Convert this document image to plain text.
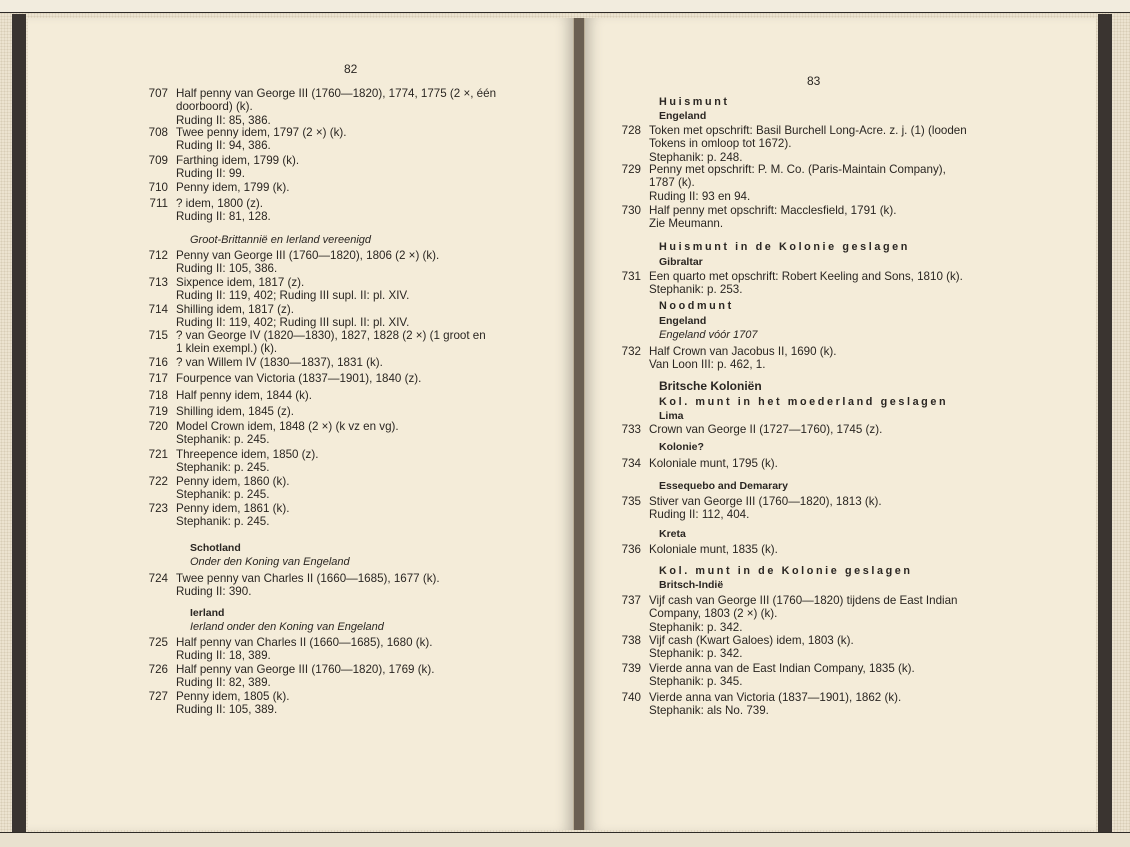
82
707 Half penny van George III (1760—1820), 1774, 1775 (2 ×, één
doorboord) (k).
Ruding II: 85, 386.
708 Twee penny idem, 1797 (2 ×) (k).
Ruding II: 94, 386.
709 Farthing idem, 1799 (k).
Ruding II: 99.
710 Penny idem, 1799 (k).
711 ? idem, 1800 (z).
Ruding II: 81, 128.
Groot-Brittannië en Ierland vereenigd
712 Penny van George III (1760—1820), 1806 (2 ×) (k).
Ruding II: 105, 386.
713 Sixpence idem, 1817 (z).
Ruding II: 119, 402; Ruding III supl. II: pl. XIV.
714 Shilling idem, 1817 (z).
Ruding II: 119, 402; Ruding III supl. II: pl. XIV.
715 ? van George IV (1820—1830), 1827, 1828 (2 ×) (1 groot en
1 klein exempl.) (k).
716 ? van Willem IV (1830—1837), 1831 (k).
717 Fourpence van Victoria (1837—1901), 1840 (z).
718 Half penny idem, 1844 (k).
719 Shilling idem, 1845 (z).
720 Model Crown idem, 1848 (2 ×) (k vz en vg).
Stephanik: p. 245.
721 Threepence idem, 1850 (z).
Stephanik: p. 245.
722 Penny idem, 1860 (k).
Stephanik: p. 245.
723 Penny idem, 1861 (k).
Stephanik: p. 245.
Schotland
Onder den Koning van Engeland
724 Twee penny van Charles II (1660—1685), 1677 (k).
Ruding II: 390.
Ierland
Ierland onder den Koning van Engeland
725 Half penny van Charles II (1660—1685), 1680 (k).
Ruding II: 18, 389.
726 Half penny van George III (1760—1820), 1769 (k).
Ruding II: 82, 389.
727 Penny idem, 1805 (k).
Ruding II: 105, 389.
83
Huismunt
Engeland
728 Token met opschrift: Basil Burchell Long-Acre. z. j. (1) (looden
Tokens in omloop tot 1672).
Stephanik: p. 248.
729 Penny met opschrift: P. M. Co. (Paris-Maintain Company),
1787 (k).
Ruding II: 93 en 94.
730 Half penny met opschrift: Macclesfield, 1791 (k).
Zie Meumann.
Huismunt in de Kolonie geslagen
Gibraltar
731 Een quarto met opschrift: Robert Keeling and Sons, 1810 (k).
Stephanik: p. 253.
Noodmunt
Engeland
Engeland vóór 1707
732 Half Crown van Jacobus II, 1690 (k).
Van Loon III: p. 462, 1.
Britsche Koloniën
Kol. munt in het moederland geslagen
Lima
733 Crown van George II (1727—1760), 1745 (z).
Kolonie?
734 Koloniale munt, 1795 (k).
Essequebo and Demarary
735 Stiver van George III (1760—1820), 1813 (k).
Ruding II: 112, 404.
Kreta
736 Koloniale munt, 1835 (k).
Kol. munt in de Kolonie geslagen
Britsch-Indië
737 Vijf cash van George III (1760—1820) tijdens de East Indian
Company, 1803 (2 ×) (k).
Stephanik: p. 342.
738 Vijf cash (Kwart Galoes) idem, 1803 (k).
Stephanik: p. 342.
739 Vierde anna van de East Indian Company, 1835 (k).
Stephanik: p. 345.
740 Vierde anna van Victoria (1837—1901), 1862 (k).
Stephanik: als No. 739.
